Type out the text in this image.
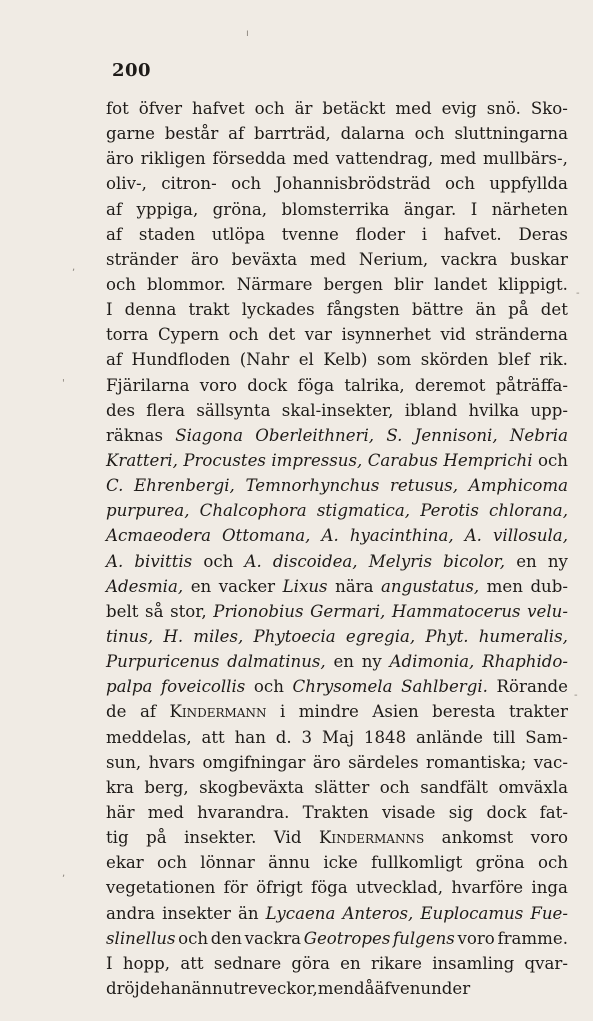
200
fot öfver hafvet och är betäckt med evig snö. Sko-
garne består af barrträd, dalarna och sluttningarna
äro rikligen försedda med vattendrag, med mullbärs-,
oliv-, citron- och Johannisbrödsträd och uppfyllda
af yppiga, gröna, blomsterrika ängar. I närheten
af staden utlöpa tvenne floder i hafvet. Deras
stränder äro beväxta med Nerium, vackra buskar
och blommor. Närmare bergen blir landet klippigt.
I denna trakt lyckades fångsten bättre än på det
torra Cypern och det var isynnerhet vid stränderna
af Hundfloden (Nahr el Kelb) som skörden blef rik.
Fjärilarna voro dock föga talrika, deremot påträffa-
des flera sällsynta skal-insekter, ibland hvilka upp-
räknas Siagona Oberleithneri, S. Jennisoni, Nebria
Kratteri, Procustes impressus, Carabus Hemprichi och
C. Ehrenbergi, Temnorhynchus retusus, Amphicoma
purpurea, Chalcophora stigmatica, Perotis chlorana,
Acmaeodera Ottomana, A. hyacinthina, A. villosula,
A. bivittis och A. discoidea, Melyris bicolor, en ny
Adesmia, en vacker Lixus nära angustatus, men dub-
belt så stor, Prionobius Germari, Hammatocerus velu-
tinus, H. miles, Phytoecia egregia, Phyt. humeralis,
Purpuricenus dalmatinus, en ny Adimonia, Rhaphido-
palpa foveicollis och Chrysomela Sahlbergi. Rörande
de af Kindermann i mindre Asien beresta trakter
meddelas, att han d. 3 Maj 1848 anlände till Sam-
sun, hvars omgifningar äro särdeles romantiska; vac-
kra berg, skogbeväxta slätter och sandfält omväxla
här med hvarandra. Trakten visade sig dock fat-
tig på insekter. Vid Kindermanns ankomst voro
ekar och lönnar ännu icke fullkomligt gröna och
vegetationen för öfrigt föga utvecklad, hvarföre inga
andra insekter än Lycaena Anteros, Euplocamus Fue-
slinellus och den vackra Geotropes fulgens voro framme.
I hopp, att sednare göra en rikare insamling qvar-
dröjde han ännu tre veckor, men då äfven under
ı
,
-
'
-
,
